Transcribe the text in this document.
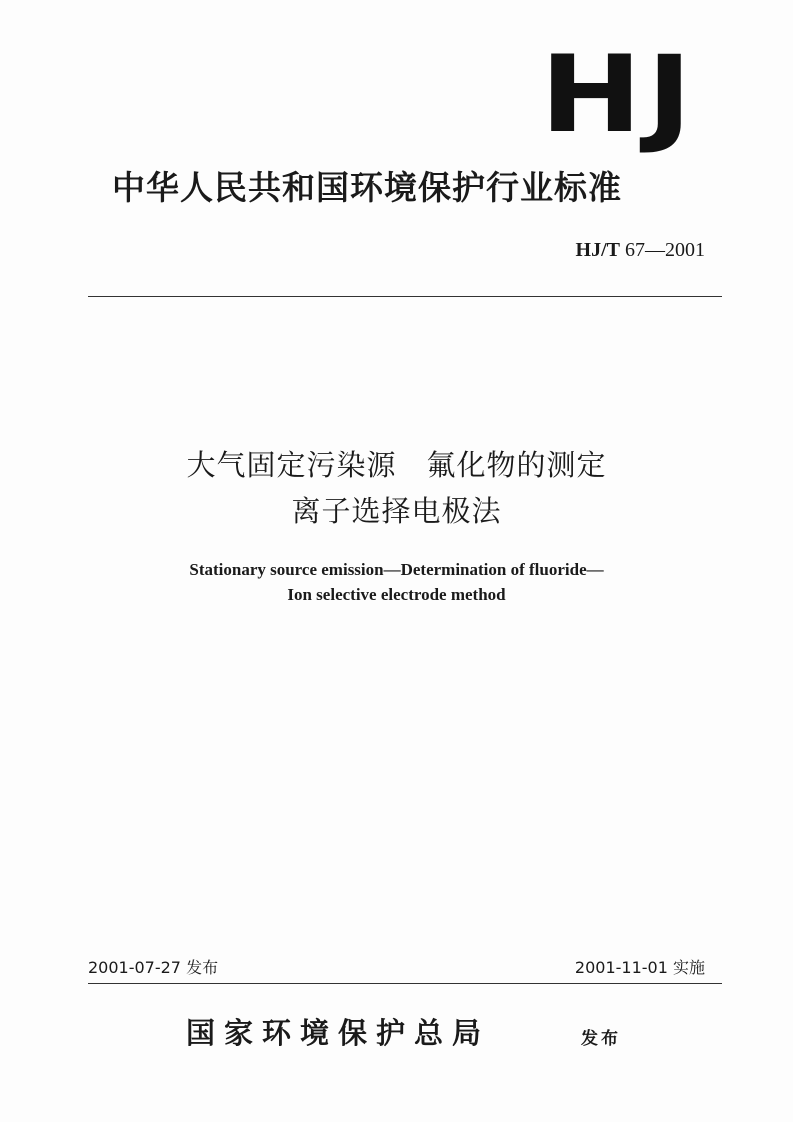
HJ
中华人民共和国环境保护行业标准
HJ/T 67—2001
大气固定污染源　氟化物的测定
离子选择电极法
Stationary source emission—Determination of fluoride—
Ion selective electrode method
2001-07-27 发布	2001-11-01 实施
国家环境保护总局	发布
